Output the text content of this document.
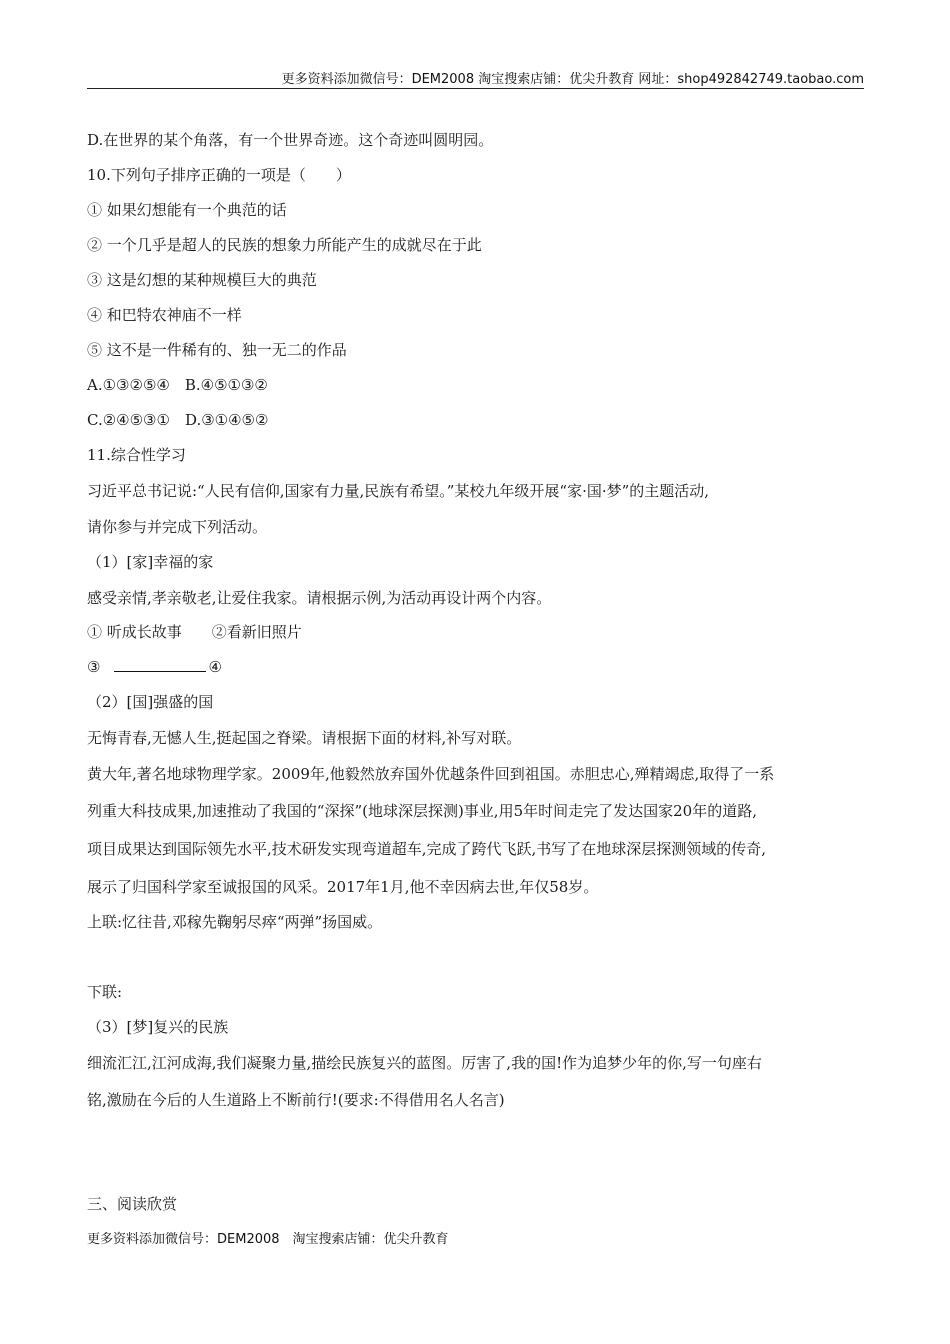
更多资料添加微信号：DEM2008 淘宝搜索店铺：优尖升教育 网址：shop492842749.taobao.com
D.在世界的某个角落，有一个世界奇迹。这个奇迹叫圆明园。
10.下列句子排序正确的一项是（　　）
① 如果幻想能有一个典范的话
② 一个几乎是超人的民族的想象力所能产生的成就尽在于此
③ 这是幻想的某种规模巨大的典范
④ 和巴特农神庙不一样
⑤ 这不是一件稀有的、独一无二的作品
A.①③②⑤④　B.④⑤①③②
C.②④⑤③①　D.③①④⑤②
11.综合性学习
习近平总书记说:“人民有信仰,国家有力量,民族有希望。”某校九年级开展“家·国·梦”的主题活动,
请你参与并完成下列活动。
（1）[家]幸福的家
感受亲情,孝亲敬老,让爱住我家。请根据示例,为活动再设计两个内容。
① 听成长故事　　②看新旧照片
③	④
（2）[国]强盛的国
无悔青春,无憾人生,挺起国之脊梁。请根据下面的材料,补写对联。
黄大年,著名地球物理学家。2009年,他毅然放弃国外优越条件回到祖国。赤胆忠心,殚精竭虑,取得了一系
列重大科技成果,加速推动了我国的“深探”(地球深层探测)事业,用5年时间走完了发达国家20年的道路,
项目成果达到国际领先水平,技术研发实现弯道超车,完成了跨代飞跃,书写了在地球深层探测领域的传奇,
展示了归国科学家至诚报国的风采。2017年1月,他不幸因病去世,年仅58岁。
上联:忆往昔,邓稼先鞠躬尽瘁“两弹”扬国威。
下联:
（3）[梦]复兴的民族
细流汇江,江河成海,我们凝聚力量,描绘民族复兴的蓝图。厉害了,我的国!作为追梦少年的你,写一句座右
铭,激励在今后的人生道路上不断前行!(要求:不得借用名人名言)
三、阅读欣赏
更多资料添加微信号：DEM2008　淘宝搜索店铺：优尖升教育
